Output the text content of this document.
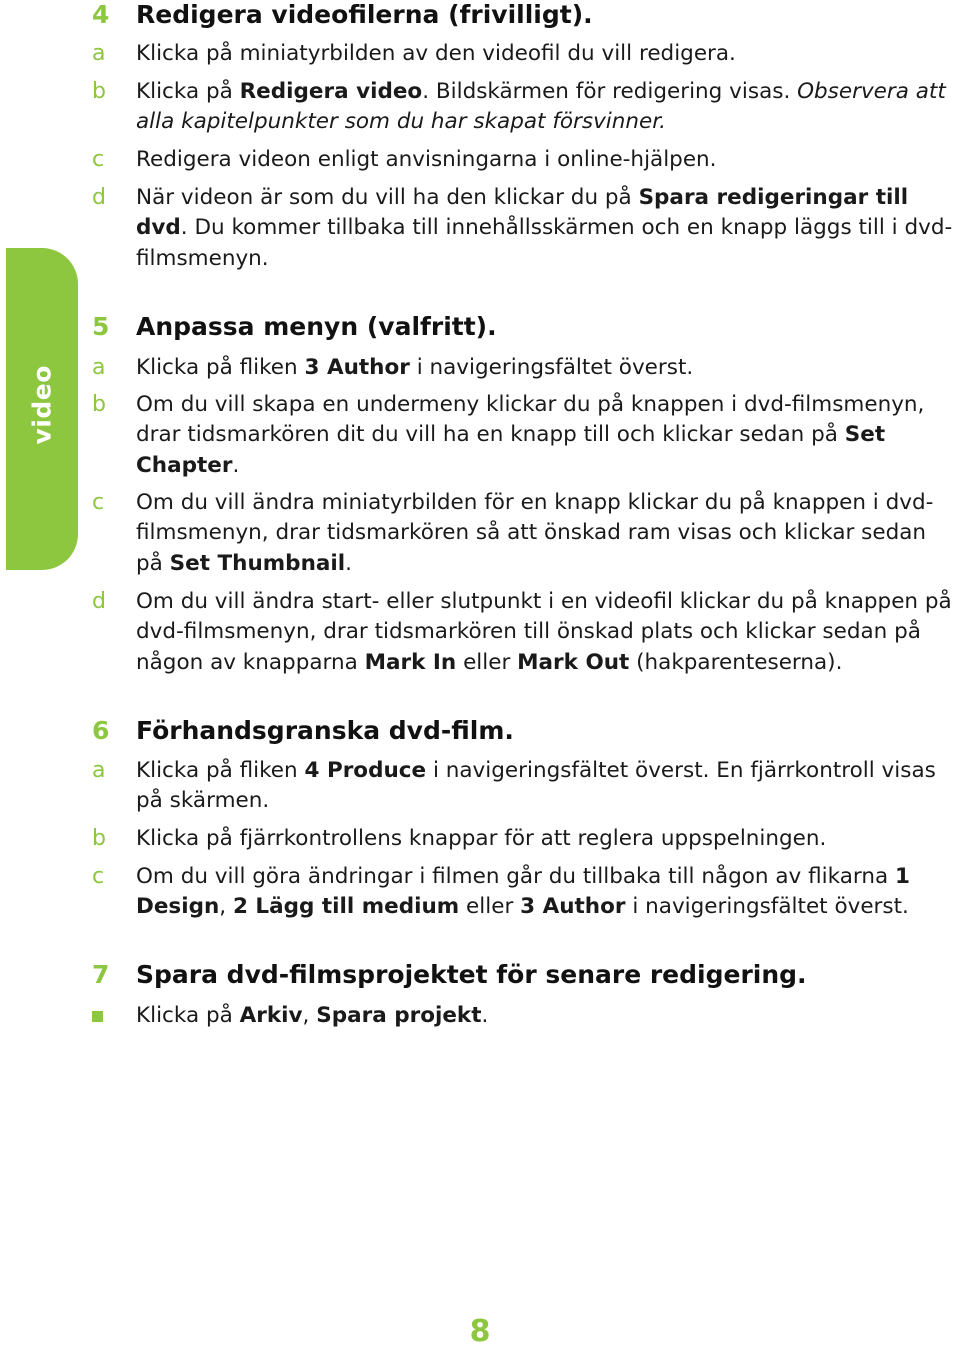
video
4	Redigera videofilerna (frivilligt).
a	Klicka på miniatyrbilden av den videofil du vill redigera.
b	Klicka på Redigera video. Bildskärmen för redigering visas. Observera att alla kapitelpunkter som du har skapat försvinner.
c	Redigera videon enligt anvisningarna i online-hjälpen.
d	När videon är som du vill ha den klickar du på Spara redigeringar till dvd. Du kommer tillbaka till innehållsskärmen och en knapp läggs till i dvd-filmsmenyn.
5	Anpassa menyn (valfritt).
a	Klicka på fliken 3 Author i navigeringsfältet överst.
b	Om du vill skapa en undermeny klickar du på knappen i dvd-filmsmenyn, drar tidsmarkören dit du vill ha en knapp till och klickar sedan på Set Chapter.
c	Om du vill ändra miniatyrbilden för en knapp klickar du på knappen i dvd-filmsmenyn, drar tidsmarkören så att önskad ram visas och klickar sedan på Set Thumbnail.
d	Om du vill ändra start- eller slutpunkt i en videofil klickar du på knappen på dvd-filmsmenyn, drar tidsmarkören till önskad plats och klickar sedan på någon av knapparna Mark In eller Mark Out (hakparenteserna).
6	Förhandsgranska dvd-film.
a	Klicka på fliken 4 Produce i navigeringsfältet överst. En fjärrkontroll visas på skärmen.
b	Klicka på fjärrkontrollens knappar för att reglera uppspelningen.
c	Om du vill göra ändringar i filmen går du tillbaka till någon av flikarna 1 Design, 2 Lägg till medium eller 3 Author i navigeringsfältet överst.
7	Spara dvd-filmsprojektet för senare redigering.
Klicka på Arkiv, Spara projekt.
8
